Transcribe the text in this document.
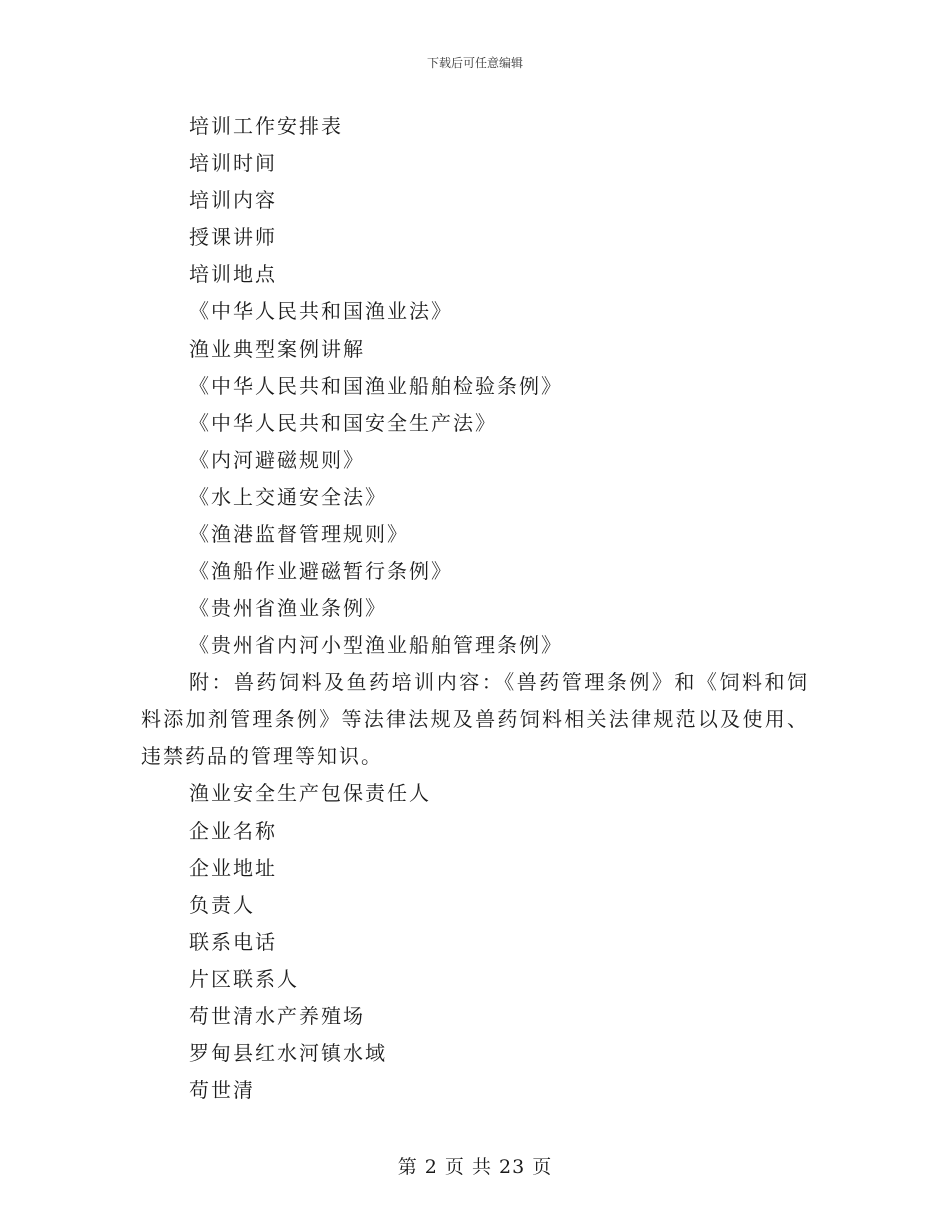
下载后可任意编辑
培训工作安排表
培训时间
培训内容
授课讲师
培训地点
《中华人民共和国渔业法》
渔业典型案例讲解
《中华人民共和国渔业船舶检验条例》
《中华人民共和国安全生产法》
《内河避磁规则》
《水上交通安全法》
《渔港监督管理规则》
《渔船作业避磁暂行条例》
《贵州省渔业条例》
《贵州省内河小型渔业船舶管理条例》

附：兽药饲料及鱼药培训内容：《兽药管理条例》和《饲料和饲料添加剂管理条例》等法律法规及兽药饲料相关法律规范以及使用、违禁药品的管理等知识。

渔业安全生产包保责任人
企业名称
企业地址
负责人
联系电话
片区联系人
苟世清水产养殖场
罗甸县红水河镇水域
苟世清
第 2 页 共 23 页
